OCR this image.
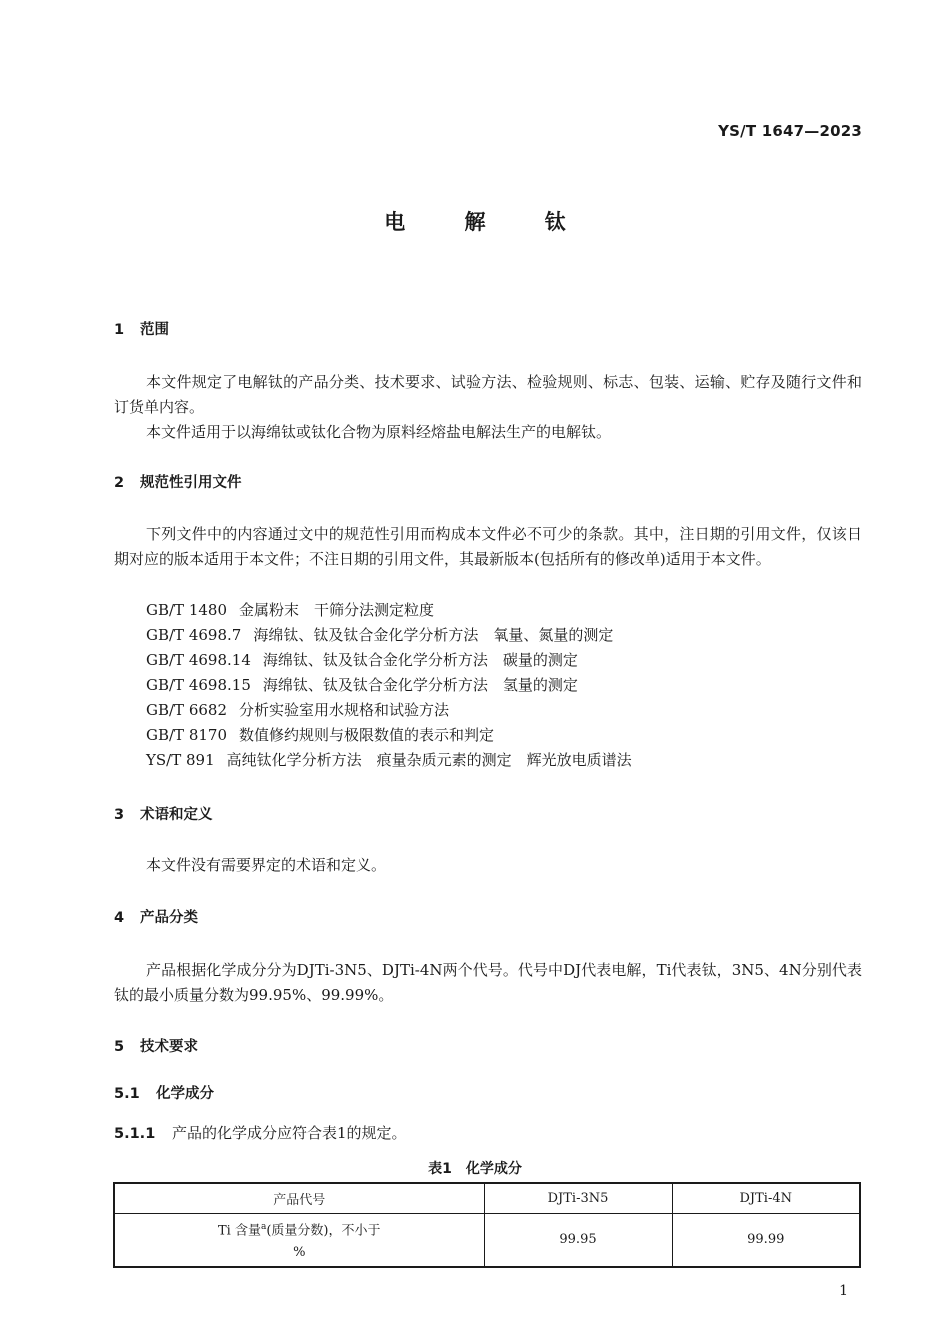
YS/T 1647—2023
电 解 钛
1 范围
本文件规定了电解钛的产品分类、技术要求、试验方法、检验规则、标志、包装、运输、贮存及随行文件和订货单内容。
本文件适用于以海绵钛或钛化合物为原料经熔盐电解法生产的电解钛。
2 规范性引用文件
下列文件中的内容通过文中的规范性引用而构成本文件必不可少的条款。其中，注日期的引用文件，仅该日期对应的版本适用于本文件；不注日期的引用文件，其最新版本(包括所有的修改单)适用于本文件。
GB/T 1480 金属粉末　干筛分法测定粒度
GB/T 4698.7 海绵钛、钛及钛合金化学分析方法　氧量、氮量的测定
GB/T 4698.14 海绵钛、钛及钛合金化学分析方法　碳量的测定
GB/T 4698.15 海绵钛、钛及钛合金化学分析方法　氢量的测定
GB/T 6682 分析实验室用水规格和试验方法
GB/T 8170 数值修约规则与极限数值的表示和判定
YS/T 891 高纯钛化学分析方法　痕量杂质元素的测定　辉光放电质谱法
3 术语和定义
本文件没有需要界定的术语和定义。
4 产品分类
产品根据化学成分分为DJTi-3N5、DJTi-4N两个代号。代号中DJ代表电解，Ti代表钛，3N5、4N分别代表钛的最小质量分数为99.95%、99.99%。
5 技术要求
5.1 化学成分
5.1.1 产品的化学成分应符合表1的规定。
表1　化学成分
产品代号	DJTi-3N5	DJTi-4N
Ti 含量$^a$(质量分数)，不小于
%	99.95	99.99
1
